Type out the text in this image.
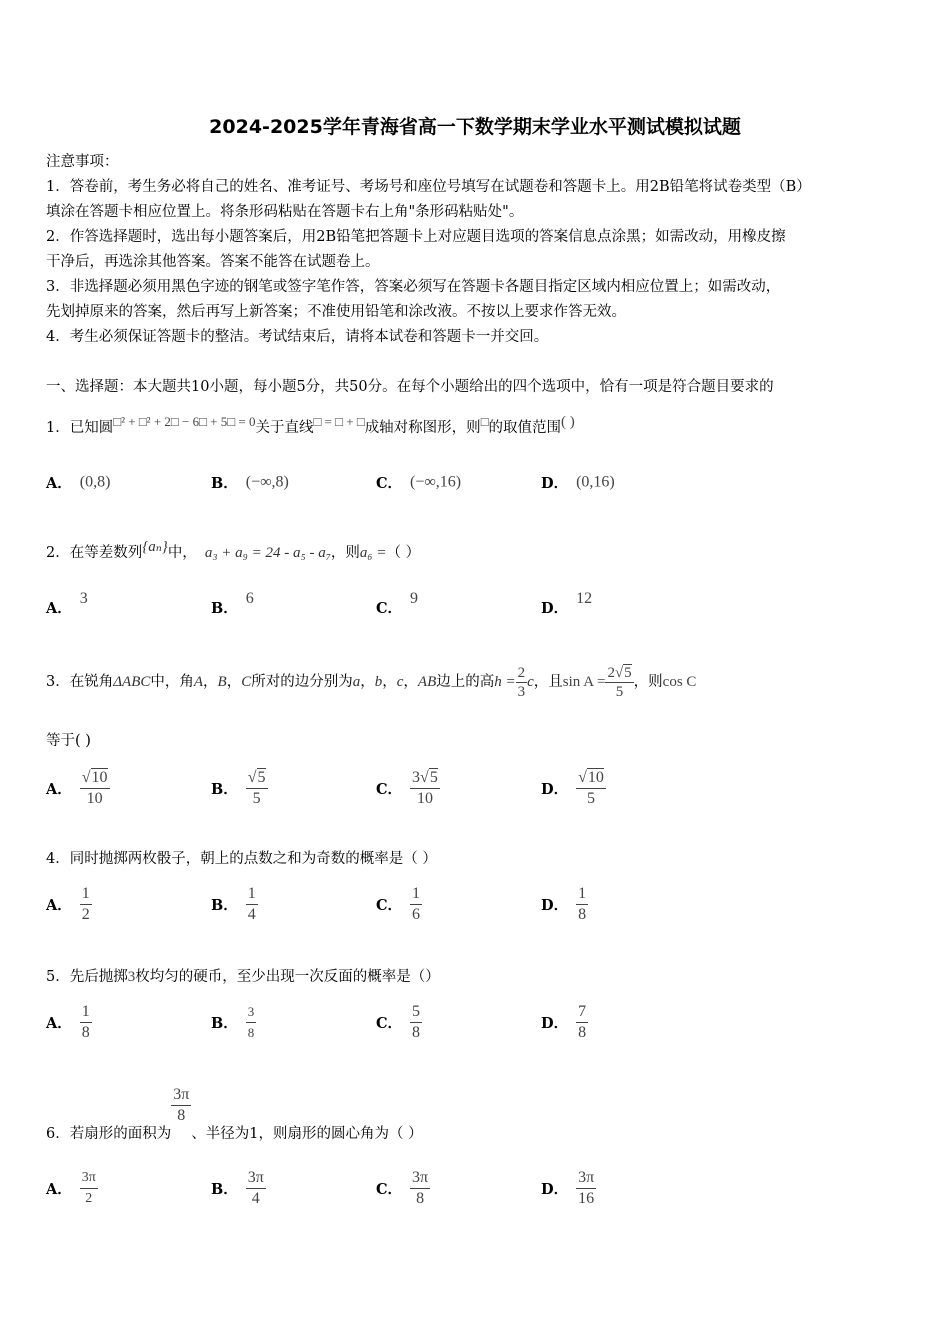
2024-2025学年青海省高一下数学期末学业水平测试模拟试题
注意事项：
1．答卷前，考生务必将自己的姓名、准考证号、考场号和座位号填写在试题卷和答题卡上。用2B铅笔将试卷类型（B）
填涂在答题卡相应位置上。将条形码粘贴在答题卡右上角"条形码粘贴处"。
2．作答选择题时，选出每小题答案后，用2B铅笔把答题卡上对应题目选项的答案信息点涂黑；如需改动，用橡皮擦
干净后，再选涂其他答案。答案不能答在试题卷上。
3．非选择题必须用黑色字迹的钢笔或签字笔作答，答案必须写在答题卡各题目指定区域内相应位置上；如需改动，
先划掉原来的答案，然后再写上新答案；不准使用铅笔和涂改液。不按以上要求作答无效。
4．考生必须保证答题卡的整洁。考试结束后，请将本试卷和答题卡一并交回。
一、选择题：本大题共10小题，每小题5分，共50分。在每个小题给出的四个选项中，恰有一项是符合题目要求的
1．已知圆□² + □² + 2□ − 6□ + 5□ = 0关于直线□ = □ + □成轴对称图形，则□的取值范围( )
A． (0,8)	B． (−∞,8)	C． (−∞,16)	D． (0,16)
2．在等差数列{aₙ}中， a₃ + a₉ = 24 - a₅ - a₇，则a₆ =（ ）
A．3
B．6
C．9
D．12
3．在锐角ΔABC中，角A，B，C所对的边分别为a，b，c，AB边上的高$h = \frac{2}{3}$ c，且$\sin A = \frac{2√5}{5}$ ，则cos C
等于( )
A． $\frac{√10}{10}$	B． $\frac{√5}{5}$	C． $\frac{3√5}{10}$	D． $\frac{√10}{5}$
4．同时抛掷两枚骰子，朝上的点数之和为奇数的概率是（ ）
A． $\frac{1}{2}$	B． $\frac{1}{4}$	C． $\frac{1}{6}$	D． $\frac{1}{8}$
5．先后抛掷3枚均匀的硬币，至少出现一次反面的概率是（）
A． $\frac{1}{8}$	B． $\frac{3}{8}$	C． $\frac{5}{8}$	D． $\frac{7}{8}$
6．若扇形的面积为
$\frac{3\pi}{8}$
、半径为1，则扇形的圆心角为（ ）
A． $\frac{3\pi}{2}$	B． $\frac{3\pi}{4}$	C． $\frac{3\pi}{8}$	D． $\frac{3\pi}{16}$
